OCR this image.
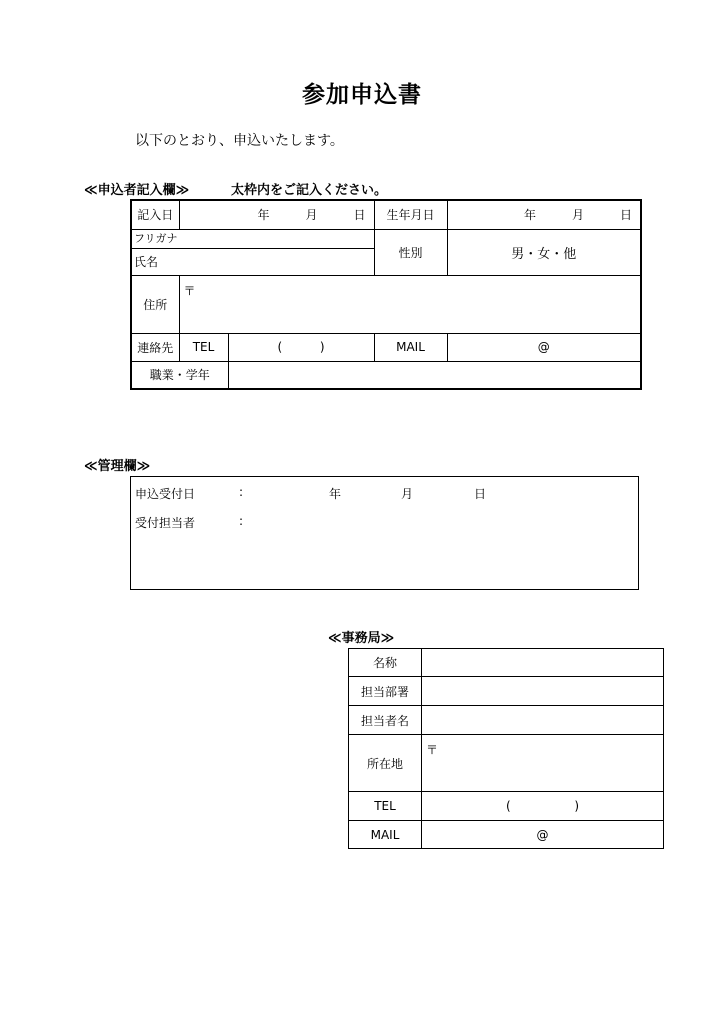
参加申込書
以下のとおり、申込いたします。
≪申込者記入欄≫	太枠内をご記入ください。
記入日	年 月 日		生年月日	年 月 日

フリガナ
氏名			性別	男・女・他
住所	〒			
連絡先	TEL	( )	MAIL	@
職業・学年				
≪管理欄≫
申込受付日	:	年	月	日
受付担当者	:
≪事務局≫
名称	
担当部署	
担当者名	
所在地	〒
TEL	( )
MAIL	@
